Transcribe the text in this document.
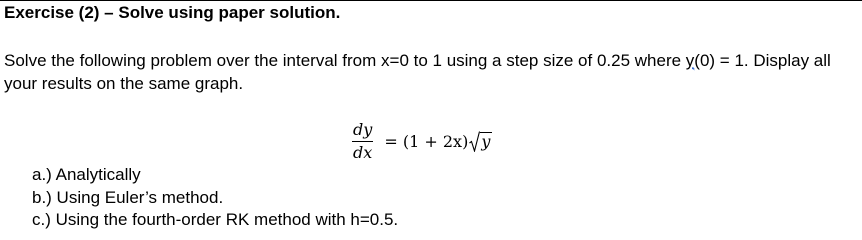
Exercise (2) – Solve using paper solution.
Solve the following problem over the interval from x=0 to 1 using a step size of 0.25 where y(0) = 1. Display all your results on the same graph.
$\frac{dy}{dx} = (1 + 2x)$ y
a.) Analytically
b.) Using Euler’s method.
c.) Using the fourth-order RK method with h=0.5.
